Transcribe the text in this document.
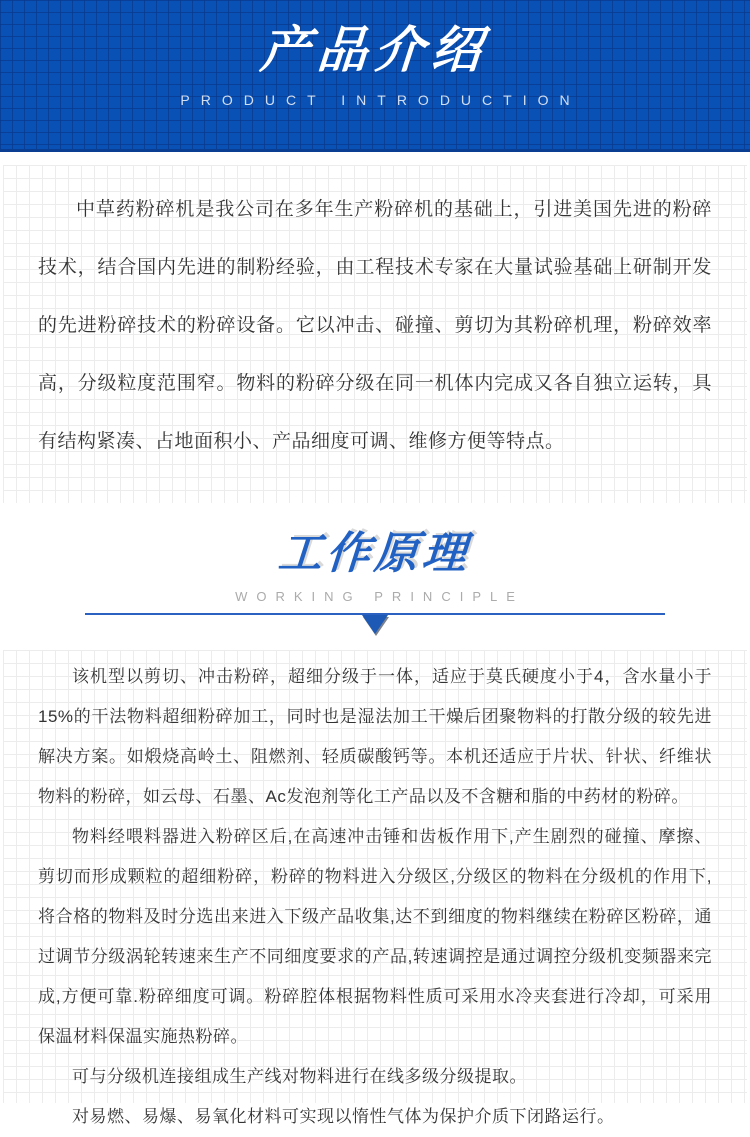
产品介绍
PRODUCT INTRODUCTION

中草药粉碎机是我公司在多年生产粉碎机的基础上，引进美国先进的粉碎技术，结合国内先进的制粉经验，由工程技术专家在大量试验基础上研制开发的先进粉碎技术的粉碎设备。它以冲击、碰撞、剪切为其粉碎机理，粉碎效率高，分级粒度范围窄。物料的粉碎分级在同一机体内完成又各自独立运转，具有结构紧凑、占地面积小、产品细度可调、维修方便等特点。

工作原理
WORKING PRINCIPLE

该机型以剪切、冲击粉碎，超细分级于一体，适应于莫氏硬度小于4，含水量小于15%的干法物料超细粉碎加工，同时也是湿法加工干燥后团聚物料的打散分级的较先进解决方案。如煅烧高岭土、阻燃剂、轻质碳酸钙等。本机还适应于片状、针状、纤维状物料的粉碎，如云母、石墨、Ac发泡剂等化工产品以及不含糖和脂的中药材的粉碎。

物料经喂料器进入粉碎区后,在高速冲击锤和齿板作用下,产生剧烈的碰撞、摩擦、剪切而形成颗粒的超细粉碎，粉碎的物料进入分级区,分级区的物料在分级机的作用下,将合格的物料及时分选出来进入下级产品收集,达不到细度的物料继续在粉碎区粉碎，通过调节分级涡轮转速来生产不同细度要求的产品,转速调控是通过调控分级机变频器来完成,方便可靠.粉碎细度可调。粉碎腔体根据物料性质可采用水冷夹套进行冷却，可采用保温材料保温实施热粉碎。

可与分级机连接组成生产线对物料进行在线多级分级提取。

对易燃、易爆、易氧化材料可实现以惰性气体为保护介质下闭路运行。
